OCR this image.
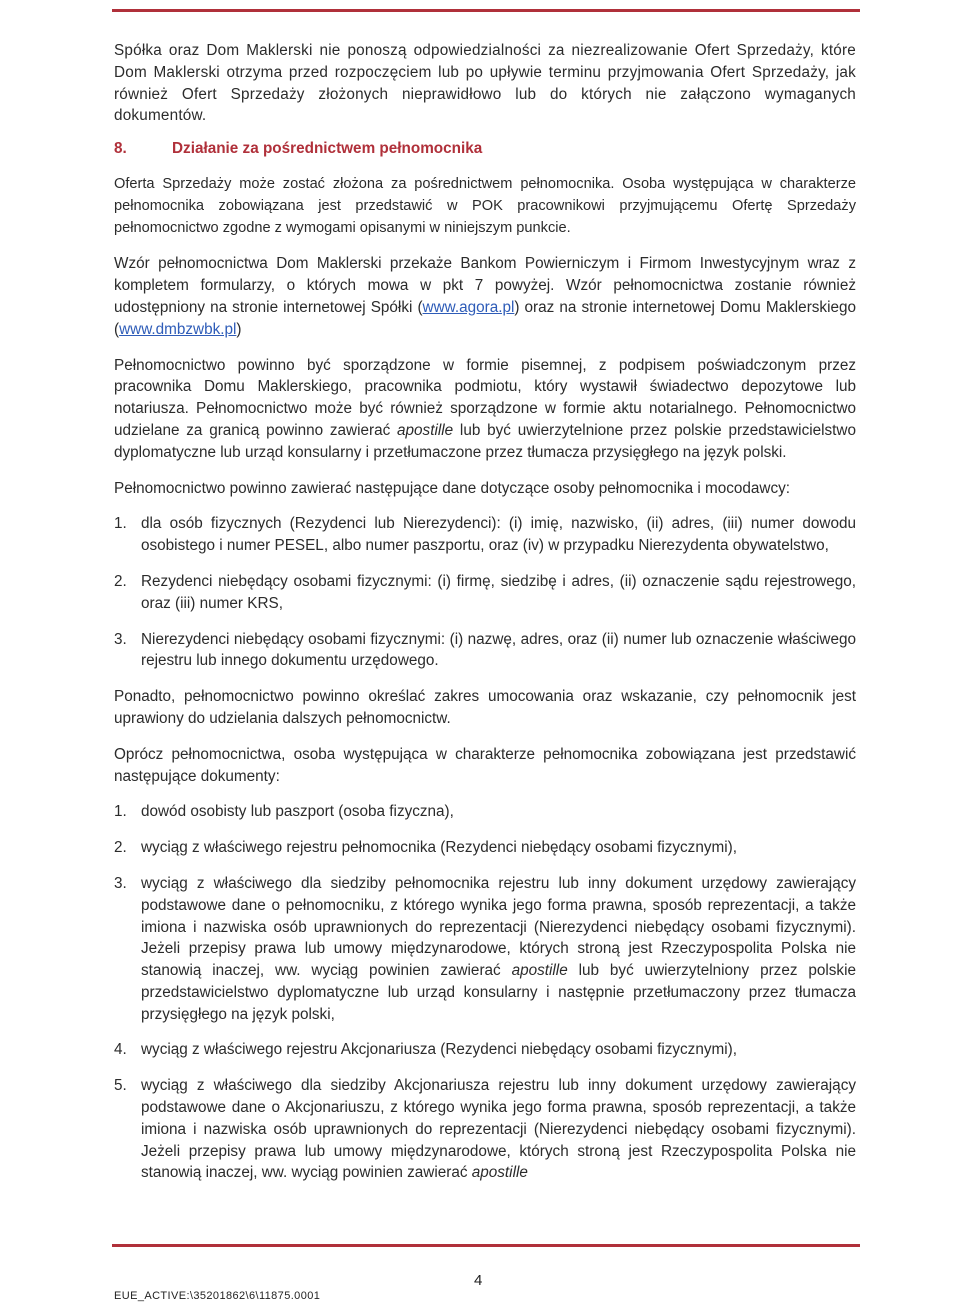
Spółka oraz Dom Maklerski nie ponoszą odpowiedzialności za niezrealizowanie Ofert Sprzedaży, które Dom Maklerski otrzyma przed rozpoczęciem lub po upływie terminu przyjmowania Ofert Sprzedaży, jak również Ofert Sprzedaży złożonych nieprawidłowo lub do których nie załączono wymaganych dokumentów.

8.	Działanie za pośrednictwem pełnomocnika

Oferta Sprzedaży może zostać złożona za pośrednictwem pełnomocnika. Osoba występująca w charakterze pełnomocnika zobowiązana jest przedstawić w POK pracownikowi przyjmującemu Ofertę Sprzedaży pełnomocnictwo zgodne z wymogami opisanymi w niniejszym punkcie.

Wzór pełnomocnictwa Dom Maklerski przekaże Bankom Powierniczym i Firmom Inwestycyjnym wraz z kompletem formularzy, o których mowa w pkt 7 powyżej. Wzór pełnomocnictwa zostanie również udostępniony na stronie internetowej Spółki (www.agora.pl) oraz na stronie internetowej Domu Maklerskiego (www.dmbzwbk.pl)

Pełnomocnictwo powinno być sporządzone w formie pisemnej, z podpisem poświadczonym przez pracownika Domu Maklerskiego, pracownika podmiotu, który wystawił świadectwo depozytowe lub notariusza. Pełnomocnictwo może być również sporządzone w formie aktu notarialnego. Pełnomocnictwo udzielane za granicą powinno zawierać apostille lub być uwierzytelnione przez polskie przedstawicielstwo dyplomatyczne lub urząd konsularny i przetłumaczone przez tłumacza przysięgłego na język polski.

Pełnomocnictwo powinno zawierać następujące dane dotyczące osoby pełnomocnika i mocodawcy:

1. dla osób fizycznych (Rezydenci lub Nierezydenci): (i) imię, nazwisko, (ii) adres, (iii) numer dowodu osobistego i numer PESEL, albo numer paszportu, oraz (iv) w przypadku Nierezydenta obywatelstwo,
2. Rezydenci niebędący osobami fizycznymi: (i) firmę, siedzibę i adres, (ii) oznaczenie sądu rejestrowego, oraz (iii) numer KRS,
3. Nierezydenci niebędący osobami fizycznymi: (i) nazwę, adres, oraz (ii) numer lub oznaczenie właściwego rejestru lub innego dokumentu urzędowego.

Ponadto, pełnomocnictwo powinno określać zakres umocowania oraz wskazanie, czy pełnomocnik jest uprawiony do udzielania dalszych pełnomocnictw.

Oprócz pełnomocnictwa, osoba występująca w charakterze pełnomocnika zobowiązana jest przedstawić następujące dokumenty:

1. dowód osobisty lub paszport (osoba fizyczna),
2. wyciąg z właściwego rejestru pełnomocnika (Rezydenci niebędący osobami fizycznymi),
3. wyciąg z właściwego dla siedziby pełnomocnika rejestru lub inny dokument urzędowy zawierający podstawowe dane o pełnomocniku, z którego wynika jego forma prawna, sposób reprezentacji, a także imiona i nazwiska osób uprawnionych do reprezentacji (Nierezydenci niebędący osobami fizycznymi). Jeżeli przepisy prawa lub umowy międzynarodowe, których stroną jest Rzeczypospolita Polska nie stanowią inaczej, ww. wyciąg powinien zawierać apostille lub być uwierzytelniony przez polskie przedstawicielstwo dyplomatyczne lub urząd konsularny i następnie przetłumaczony przez tłumacza przysięgłego na język polski,
4. wyciąg z właściwego rejestru Akcjonariusza (Rezydenci niebędący osobami fizycznymi),
5. wyciąg z właściwego dla siedziby Akcjonariusza rejestru lub inny dokument urzędowy zawierający podstawowe dane o Akcjonariuszu, z którego wynika jego forma prawna, sposób reprezentacji, a także imiona i nazwiska osób uprawnionych do reprezentacji (Nierezydenci niebędący osobami fizycznymi). Jeżeli przepisy prawa lub umowy międzynarodowe, których stroną jest Rzeczypospolita Polska nie stanowią inaczej, ww. wyciąg powinien zawierać apostille
4
EUE_ACTIVE:\35201862\6\11875.0001
